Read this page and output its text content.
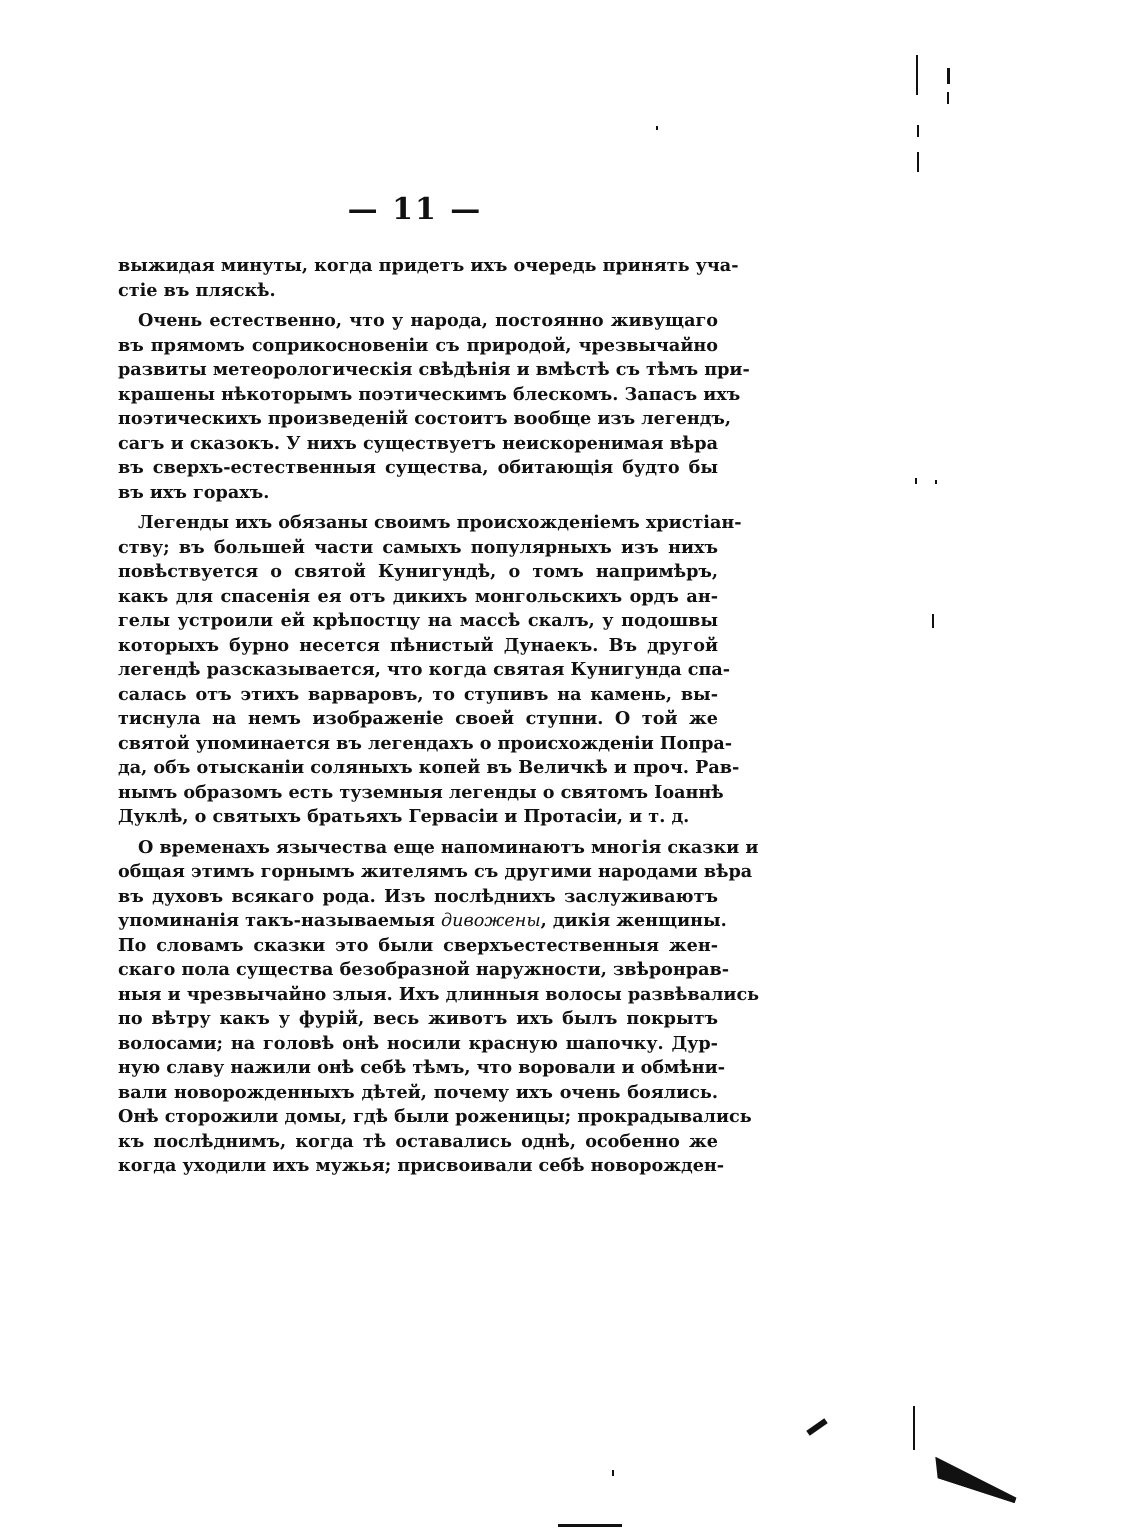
— 11 —
выжидая минуты, когда придетъ ихъ очередь принять уча-
стіе въ пляскѣ.
Очень естественно, что у народа, постоянно живущаго
въ прямомъ соприкосновеніи съ природой, чрезвычайно
развиты метеорологическія свѣдѣнія и вмѣстѣ съ тѣмъ при-
крашены нѣкоторымъ поэтическимъ блескомъ. Запасъ ихъ
поэтическихъ произведеній состоитъ вообще изъ легендъ,
сагъ и сказокъ. У нихъ существуетъ неискоренимая вѣра
въ сверхъ-естественныя существа, обитающія будто бы
въ ихъ горахъ.
Легенды ихъ обязаны своимъ происхожденіемъ христіан-
ству; въ большей части самыхъ популярныхъ изъ нихъ
повѣствуется о святой Кунигундѣ, о томъ напримѣръ,
какъ для спасенія ея отъ дикихъ монгольскихъ ордъ ан-
гелы устроили ей крѣпостцу на массѣ скалъ, у подошвы
которыхъ бурно несется пѣнистый Дунаекъ. Въ другой
легендѣ разсказывается, что когда святая Кунигунда спа-
салась отъ этихъ варваровъ, то ступивъ на камень, вы-
тиснула на немъ изображеніе своей ступни. О той же
святой упоминается въ легендахъ о происхожденіи Попра-
да, объ отысканіи соляныхъ копей въ Величкѣ и проч. Рав-
нымъ образомъ есть туземныя легенды о святомъ Іоаннѣ
Дуклѣ, о святыхъ братьяхъ Гервасіи и Протасіи, и т. д.
О временахъ язычества еще напоминаютъ многія сказки и
общая этимъ горнымъ жителямъ съ другими народами вѣра
въ духовъ всякаго рода. Изъ послѣднихъ заслуживаютъ
упоминанія такъ-называемыя дивожены, дикія женщины.
По словамъ сказки это были сверхъестественныя жен-
скаго пола существа безобразной наружности, звѣронрав-
ныя и чрезвычайно злыя. Ихъ длинныя волосы развѣвались
по вѣтру какъ у фурій, весь животъ ихъ былъ покрытъ
волосами; на головѣ онѣ носили красную шапочку. Дур-
ную славу нажили онѣ себѣ тѣмъ, что воровали и обмѣни-
вали новорожденныхъ дѣтей, почему ихъ очень боялись.
Онѣ сторожили домы, гдѣ были роженицы; прокрадывались
къ послѣднимъ, когда тѣ оставались однѣ, особенно же
когда уходили ихъ мужья; присвоивали себѣ новорожден-
